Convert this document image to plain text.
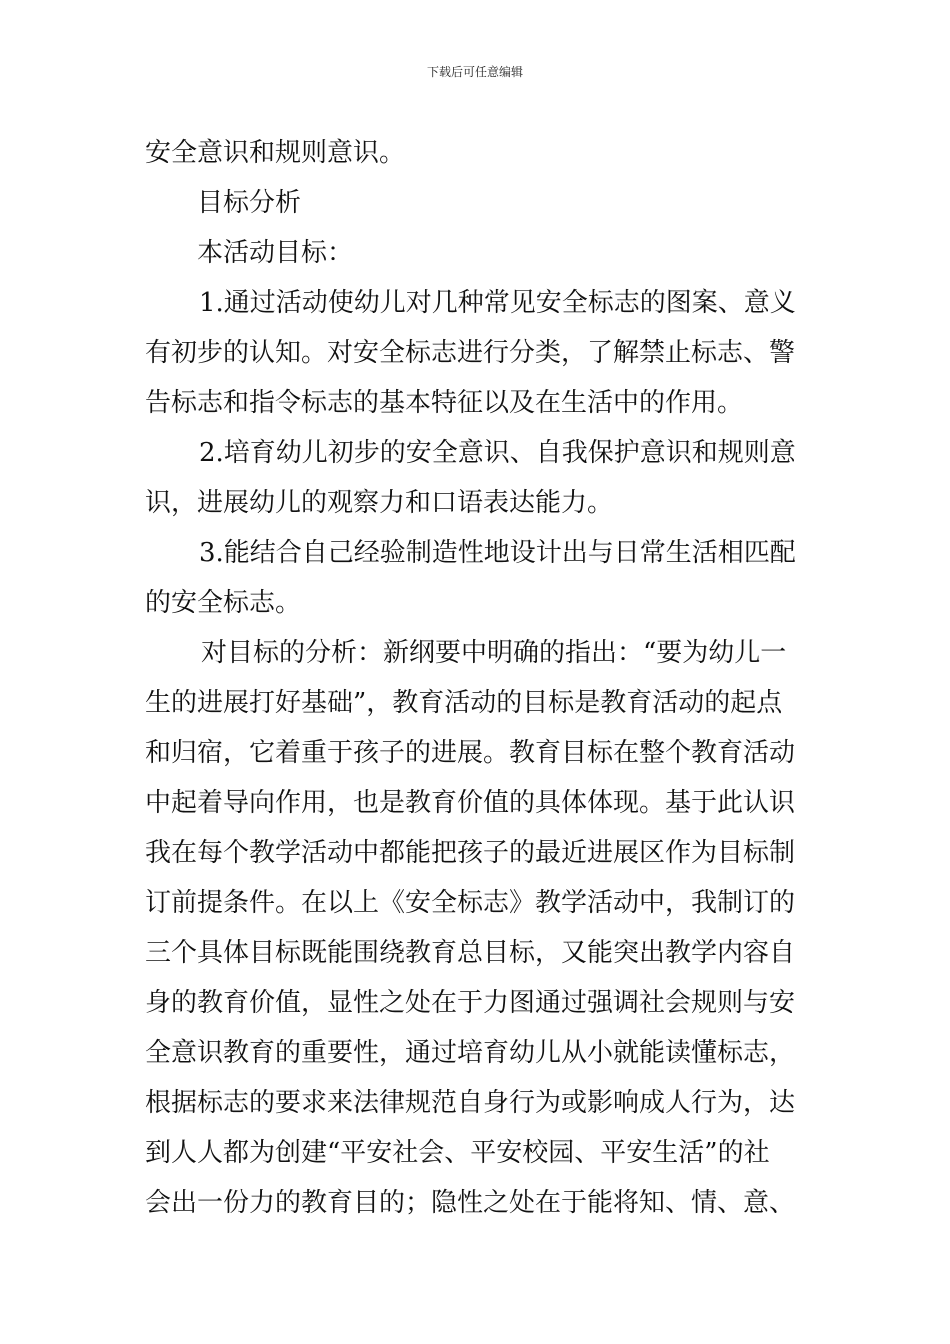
下载后可任意编辑
安全意识和规则意识。
目标分析
本活动目标：
1.通过活动使幼儿对几种常见安全标志的图案、意义
有初步的认知。对安全标志进行分类，了解禁止标志、警
告标志和指令标志的基本特征以及在生活中的作用。
2.培育幼儿初步的安全意识、自我保护意识和规则意
识，进展幼儿的观察力和口语表达能力。
3.能结合自己经验制造性地设计出与日常生活相匹配
的安全标志。
对目标的分析：新纲要中明确的指出：“要为幼儿一
生的进展打好基础”，教育活动的目标是教育活动的起点
和归宿，它着重于孩子的进展。教育目标在整个教育活动
中起着导向作用，也是教育价值的具体体现。基于此认识
我在每个教学活动中都能把孩子的最近进展区作为目标制
订前提条件。在以上《安全标志》教学活动中，我制订的
三个具体目标既能围绕教育总目标，又能突出教学内容自
身的教育价值，显性之处在于力图通过强调社会规则与安
全意识教育的重要性，通过培育幼儿从小就能读懂标志，
根据标志的要求来法律规范自身行为或影响成人行为，达
到人人都为创建“平安社会、平安校园、平安生活”的社
会出一份力的教育目的；隐性之处在于能将知、情、意、
